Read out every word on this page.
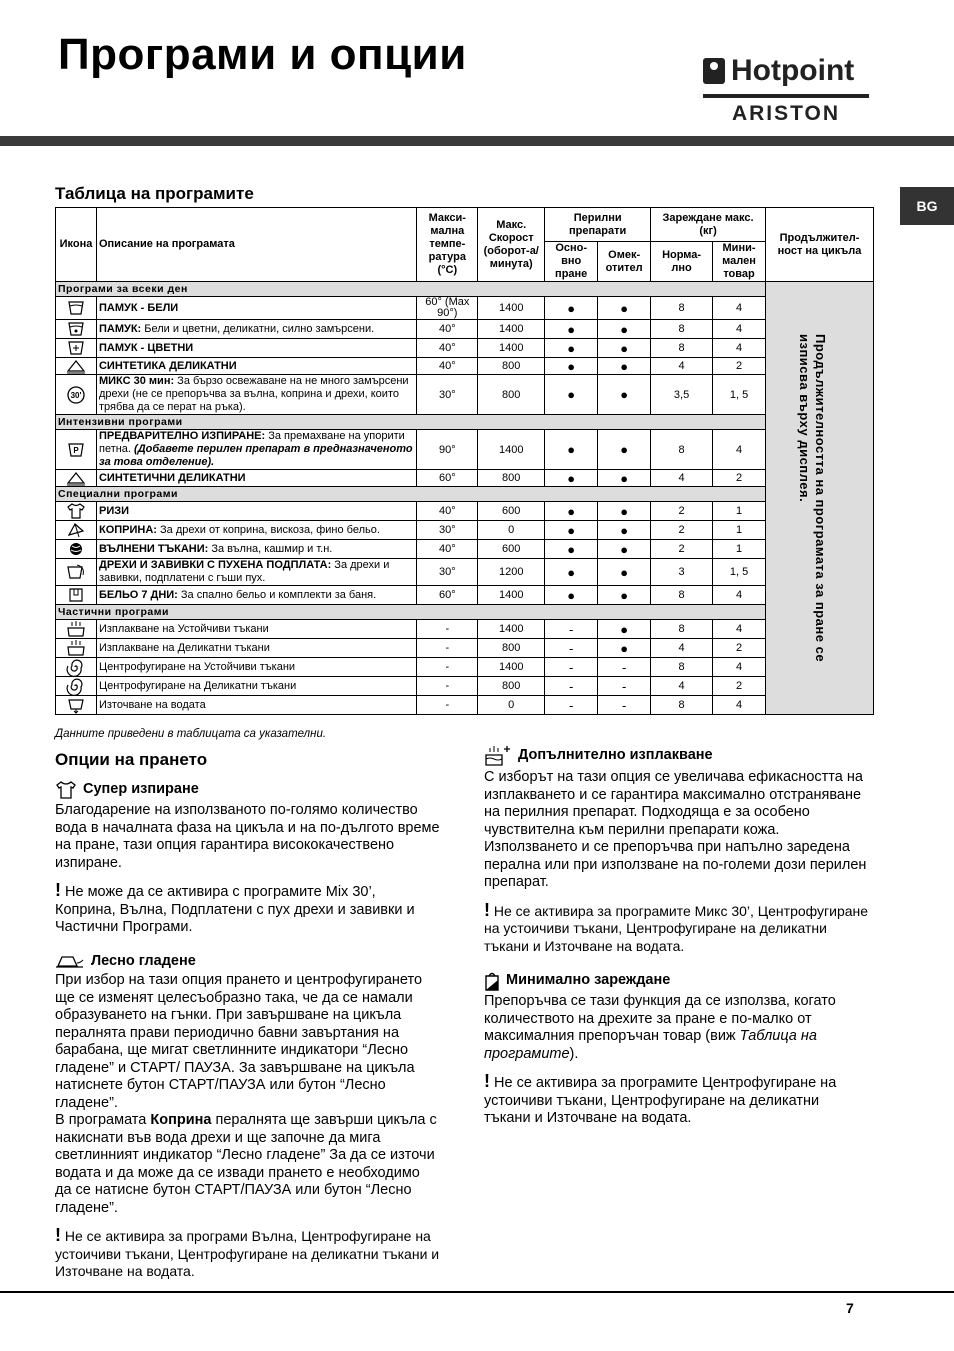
Програми и опции	Hotpoint
ARISTON
BG
Таблица на програмите
Икона	Описание на програмата	Макси-мална темпе-ратура (°C)	Макс. Скорост (оборот-а/минута)	Перилни препарати		Зареждане макс. (кг)		Продължител-ност на цикъла
				Осно-вно пране	Омек-отител	Норма-лно	Мини-мален товар	
Програми за всеки ден								Продължителността на програмата за пране се изписва върху дисплея.

	ПАМУК - БЕЛИ	60° (Max 90°)	1400	●	●	8	4	

	ПАМУК: Бели и цветни, деликатни, силно замърсени.	40°	1400	●	●	8	4	

	ПАМУК - ЦВЕТНИ	40°	1400	●	●	8	4	

	СИНТЕТИКА ДЕЛИКАТНИ	40°	800	●	●	4	2	

30'	МИКС 30 мин: За бързо освежаване на не много замърсени дрехи (не се препоръчва за вълна, коприна и дрехи, които трябва да се перат на ръка).	30°	800	●	●	3,5	1, 5	
Интензивни програми								

P	ПРЕДВАРИТЕЛНО ИЗПИРАНЕ: За премахване на упорити петна. (Добавете перилен препарат в предназначеното за това отделение).	90°	1400	●	●	8	4	

	СИНТЕТИЧНИ ДЕЛИКАТНИ	60°	800	●	●	4	2	
Специални програми								

	РИЗИ	40°	600	●	●	2	1	

	КОПРИНА: За дрехи от коприна, вискоза, фино бельо.	30°	0	●	●	2	1	

	ВЪЛНЕНИ ТЪКАНИ: За вълна, кашмир и т.н.	40°	600	●	●	2	1	

	ДРЕХИ И ЗАВИВКИ С ПУХЕНА ПОДПЛАТА: За дрехи и завивки, подплатени с гъши пух.	30°	1200	●	●	3	1, 5	

	БЕЛЬО 7 ДНИ: За спално бельо и комплекти за баня.	60°	1400	●	●	8	4	
Частични програми								

	Изплакване на Устойчиви тъкани	-	1400	-	●	8	4	

	Изплакване на Деликатни тъкани	-	800	-	●	4	2	

	Центрофугиране на Устойчиви тъкани	-	1400	-	-	8	4	

	Центрофугиране на Деликатни тъкани	-	800	-	-	4	2	

	Източване на водата	-	0	-	-	8	4	
Данните приведени в таблицата са указателни.
Опции на прането
Супер изпиране

Благодарение на използваното по-голямо количество вода в началната фаза на цикъла и на по-дългото време на пране, тази опция гарантира висококачествено изпиране.

! Не може да се активира с програмите Mix 30’, Коприна, Вълна, Подплатени с пух дрехи и завивки и Частични Програми.

Лесно гладене

При избор на тази опция прането и центрофугирането ще се изменят целесъобразно така, че да се намали образуването на гънки. При завършване на цикъла пералнята прави периодично бавни завъртания на барабана, ще мигат светлинните индикатори “Лесно гладене” и СТАРТ/ ПАУЗА. За завършване на цикъла натиснете бутон СТАРТ/ПАУЗА или бутон “Лесно гладене”.

В програмата Коприна пералнята ще завърши цикъла с накиснати във вода дрехи и ще започне да мига светлинният индикатор “Лесно гладене” За да се източи водата и да може да се извади прането е необходимо да се натисне бутон СТАРТ/ПАУЗА или бутон “Лесно гладене”.

! Не се активира за програми Вълна, Центрофугиране на устоичиви тъкани, Центрофугиране на деликатни тъкани и Източване на водата.

Допълнително изплакване

С изборът на тази опция се увеличава ефикасността на изплакването и се гарантира максимално отстраняване на перилния препарат. Подходяща е за особено чувствителна към перилни препарати кожа. Използването и се препоръчва при напълно заредена перална или при използване на по-големи дози перилен препарат.

! Не се активира за програмите Микс 30’, Центрофугиране на устоичиви тъкани, Центрофугиране на деликатни тъкани и Източване на водата.

Минимално зареждане

Препоръчва се тази функция да се използва, когато количеството на дрехите за пране е по-малко от максималния препоръчан товар (виж Таблица на програмите).

! Не се активира за програмите Центрофугиране на устоичиви тъкани, Центрофугиране на деликатни тъкани и Източване на водата.

7
